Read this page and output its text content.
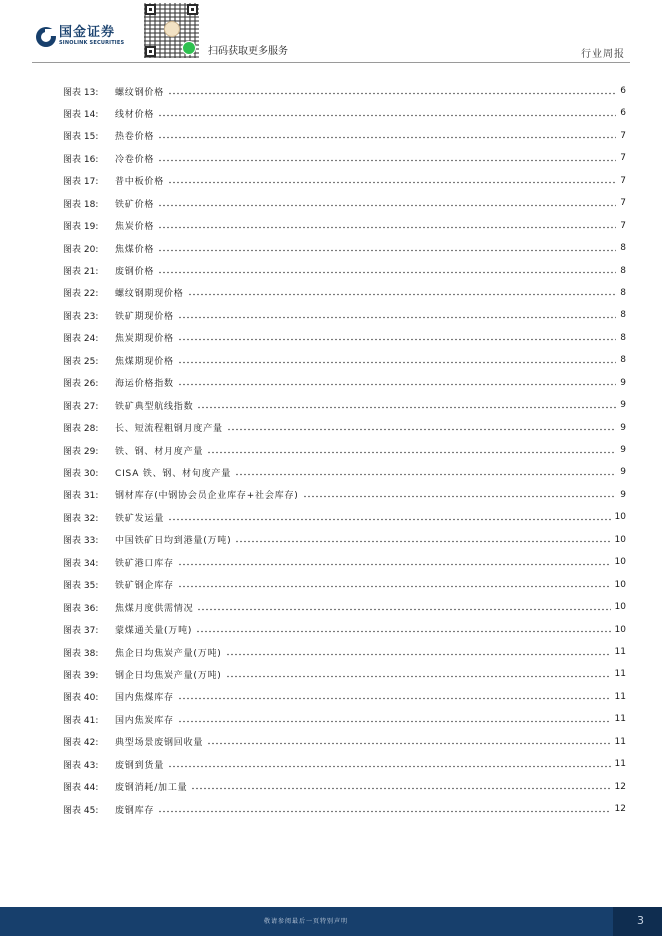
国金证券
SINOLINK SECURITIES
扫码获取更多服务	行业周报
图表 13:	螺纹钢价格	6
图表 14:	线材价格	6
图表 15:	热卷价格	7
图表 16:	冷卷价格	7
图表 17:	普中板价格	7
图表 18:	铁矿价格	7
图表 19:	焦炭价格	7
图表 20:	焦煤价格	8
图表 21:	废钢价格	8
图表 22:	螺纹钢期现价格	8
图表 23:	铁矿期现价格	8
图表 24:	焦炭期现价格	8
图表 25:	焦煤期现价格	8
图表 26:	海运价格指数	9
图表 27:	铁矿典型航线指数	9
图表 28:	长、短流程粗钢月度产量	9
图表 29:	铁、钢、材月度产量	9
图表 30:	CISA 铁、钢、材旬度产量	9
图表 31:	钢材库存(中钢协会员企业库存+社会库存)	9
图表 32:	铁矿发运量	10
图表 33:	中国铁矿日均到港量(万吨)	10
图表 34:	铁矿港口库存	10
图表 35:	铁矿钢企库存	10
图表 36:	焦煤月度供需情况	10
图表 37:	蒙煤通关量(万吨)	10
图表 38:	焦企日均焦炭产量(万吨)	11
图表 39:	钢企日均焦炭产量(万吨)	11
图表 40:	国内焦煤库存	11
图表 41:	国内焦炭库存	11
图表 42:	典型场景废钢回收量	11
图表 43:	废钢到货量	11
图表 44:	废钢消耗/加工量	12
图表 45:	废钢库存	12
敬请参阅最后一页特别声明	3
